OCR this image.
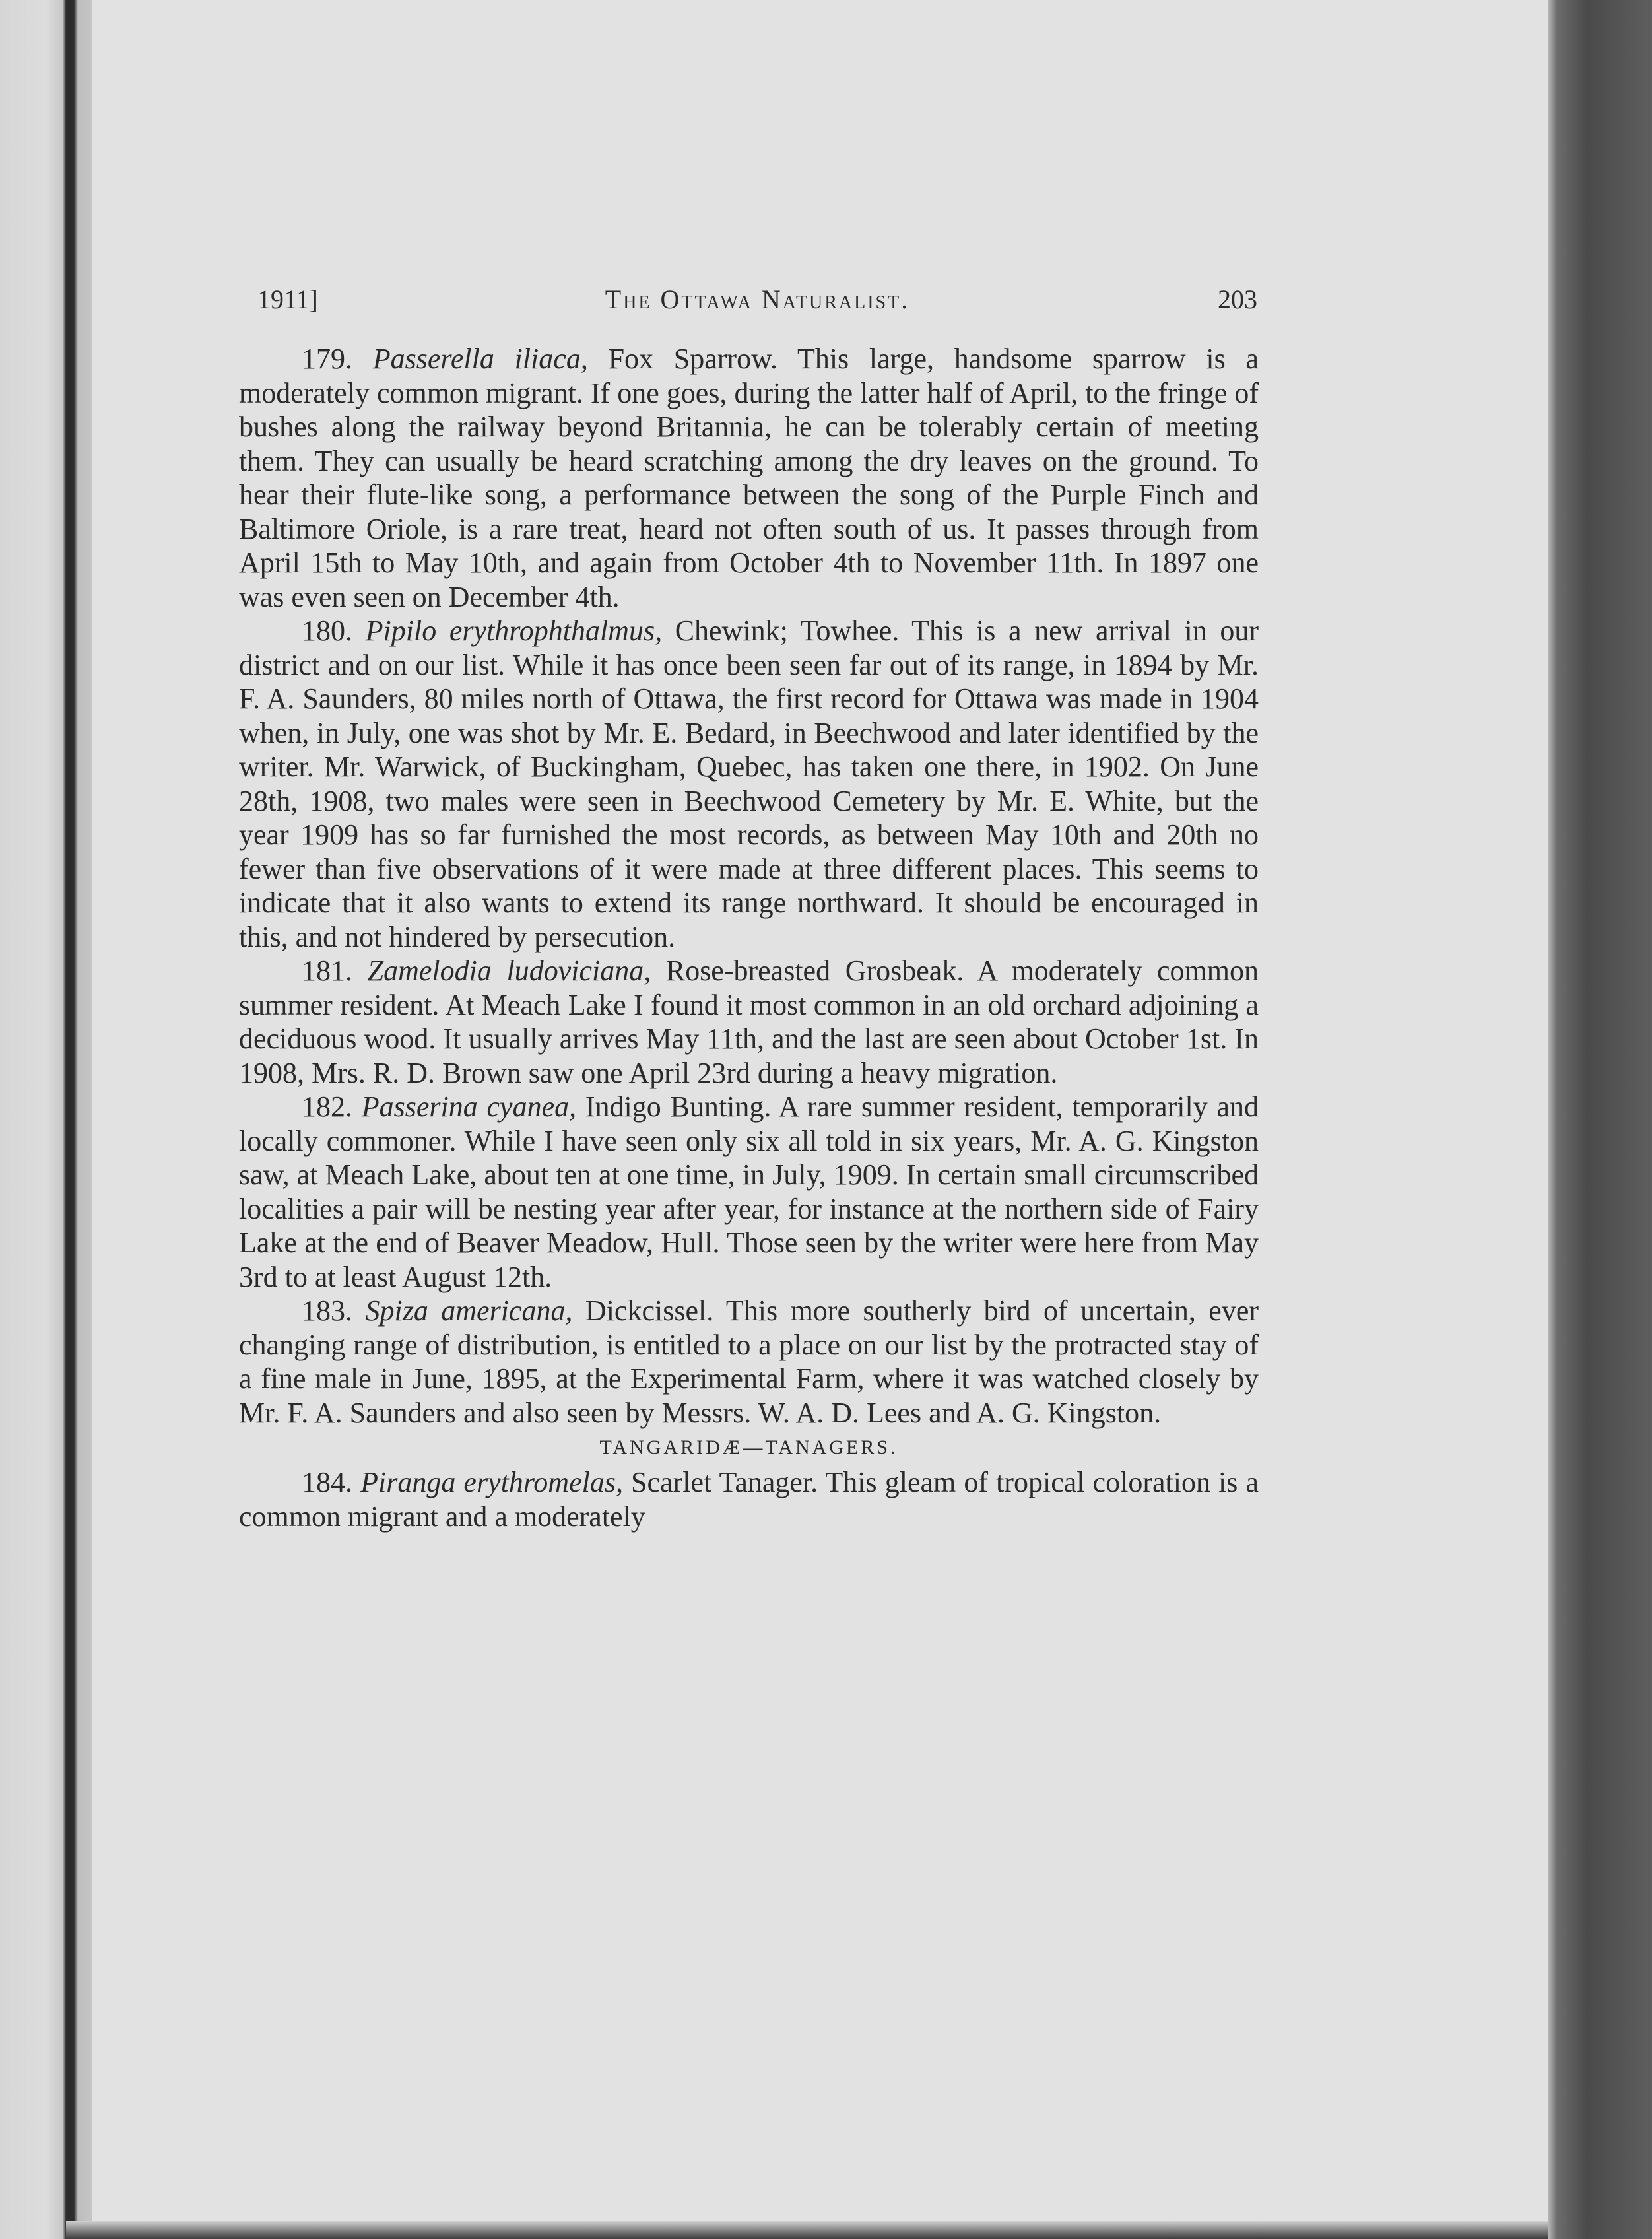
1911]	The Ottawa Naturalist.	203

179. Passerella iliaca, Fox Sparrow. This large, handsome sparrow is a moderately common migrant. If one goes, during the latter half of April, to the fringe of bushes along the railway beyond Britannia, he can be tolerably certain of meeting them. They can usually be heard scratching among the dry leaves on the ground. To hear their flute-like song, a performance between the song of the Purple Finch and Baltimore Oriole, is a rare treat, heard not often south of us. It passes through from April 15th to May 10th, and again from October 4th to November 11th. In 1897 one was even seen on December 4th.

180. Pipilo erythrophthalmus, Chewink; Towhee. This is a new arrival in our district and on our list. While it has once been seen far out of its range, in 1894 by Mr. F. A. Saunders, 80 miles north of Ottawa, the first record for Ottawa was made in 1904 when, in July, one was shot by Mr. E. Bedard, in Beechwood and later identified by the writer. Mr. Warwick, of Buckingham, Quebec, has taken one there, in 1902. On June 28th, 1908, two males were seen in Beechwood Cemetery by Mr. E. White, but the year 1909 has so far furnished the most records, as between May 10th and 20th no fewer than five observations of it were made at three different places. This seems to indicate that it also wants to extend its range northward. It should be encouraged in this, and not hindered by persecution.

181. Zamelodia ludoviciana, Rose-breasted Grosbeak. A moderately common summer resident. At Meach Lake I found it most common in an old orchard adjoining a deciduous wood. It usually arrives May 11th, and the last are seen about October 1st. In 1908, Mrs. R. D. Brown saw one April 23rd during a heavy migration.

182. Passerina cyanea, Indigo Bunting. A rare summer resident, temporarily and locally commoner. While I have seen only six all told in six years, Mr. A. G. Kingston saw, at Meach Lake, about ten at one time, in July, 1909. In certain small circumscribed localities a pair will be nesting year after year, for instance at the northern side of Fairy Lake at the end of Beaver Meadow, Hull. Those seen by the writer were here from May 3rd to at least August 12th.

183. Spiza americana, Dickcissel. This more southerly bird of uncertain, ever changing range of distribution, is entitled to a place on our list by the protracted stay of a fine male in June, 1895, at the Experimental Farm, where it was watched closely by Mr. F. A. Saunders and also seen by Messrs. W. A. D. Lees and A. G. Kingston.

TANGARIDÆ—TANAGERS.

184. Piranga erythromelas, Scarlet Tanager. This gleam of tropical coloration is a common migrant and a moderately
